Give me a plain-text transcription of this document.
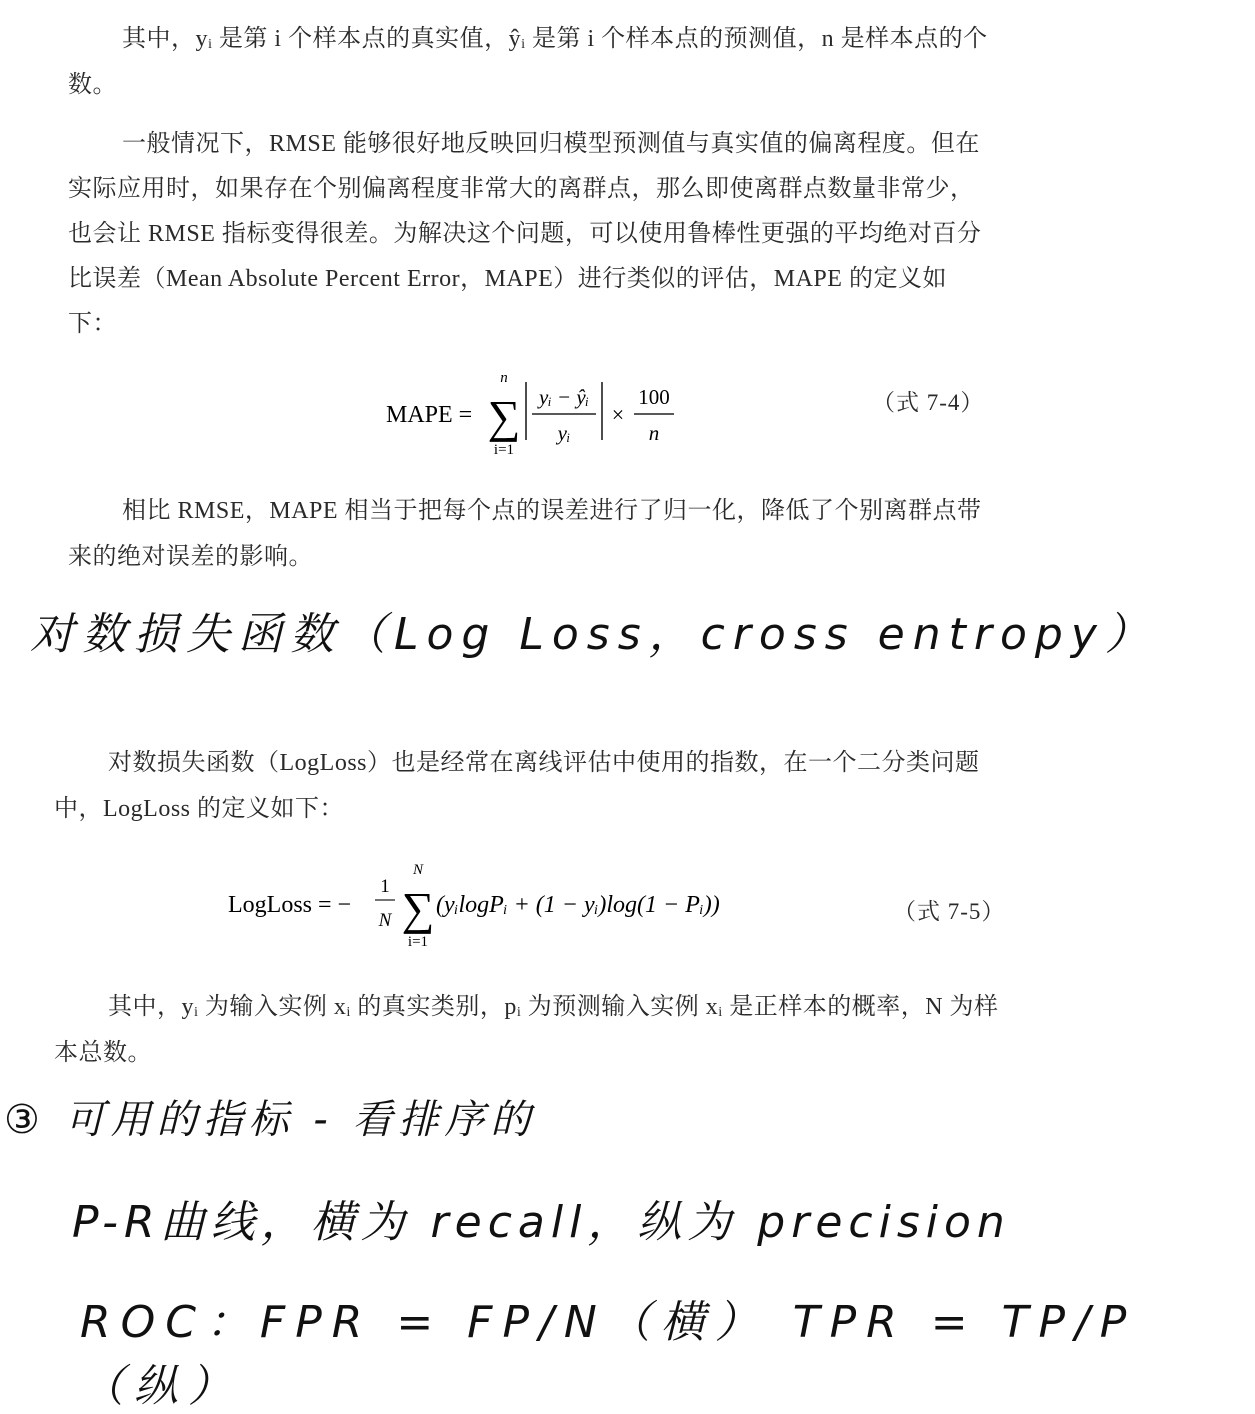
其中，yᵢ 是第 i 个样本点的真实值，ŷᵢ 是第 i 个样本点的预测值，n 是样本点的个数。
一般情况下，RMSE 能够很好地反映回归模型预测值与真实值的偏离程度。但在实际应用时，如果存在个别偏离程度非常大的离群点，那么即使离群点数量非常少，也会让 RMSE 指标变得很差。为解决这个问题，可以使用鲁棒性更强的平均绝对百分比误差（Mean Absolute Percent Error，MAPE）进行类似的评估，MAPE 的定义如下：
MAPE =
n
∑
i=1
yᵢ − ŷᵢ
yᵢ
×
100
n
（式 7-4）
相比 RMSE，MAPE 相当于把每个点的误差进行了归一化，降低了个别离群点带来的绝对误差的影响。
对数损失函数（Log Loss，cross entropy）
对数损失函数（LogLoss）也是经常在离线评估中使用的指数，在一个二分类问题中，LogLoss 的定义如下：
LogLoss = −
1
N
N
∑
i=1
(yᵢlogPᵢ + (1 − yᵢ)log(1 − Pᵢ))	（式 7-5）
其中，yᵢ 为输入实例 xᵢ 的真实类别，pᵢ 为预测输入实例 xᵢ 是正样本的概率，N 为样本总数。
③ 可用的指标 - 看排序的
P-R曲线，横为 recall，纵为 precision
ROC：FPR = FP/N（横） TPR = TP/P（纵）
